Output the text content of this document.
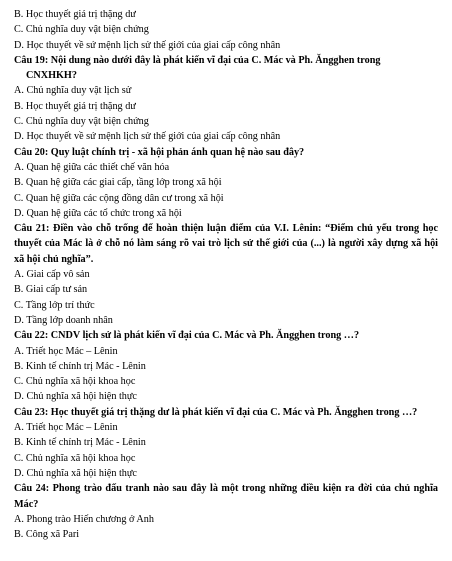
B. Học thuyết giá trị thặng dư
C. Chủ nghĩa duy vật biện chứng
D. Học thuyết về sứ mệnh lịch sử thế giới của giai cấp công nhân
Câu 19: Nội dung nào dưới đây là phát kiến vĩ đại của C. Mác và Ph. Ăngghen trong
CNXHKH?
A. Chủ nghĩa duy vật lịch sử
B. Học thuyết giá trị thặng dư
C. Chủ nghĩa duy vật biện chứng
D. Học thuyết về sứ mệnh lịch sử thế giới của giai cấp công nhân
Câu 20: Quy luật chính trị - xã hội phản ánh quan hệ nào sau đây?
A. Quan hệ giữa các thiết chế văn hóa
B. Quan hệ giữa các giai cấp, tầng lớp trong xã hội
C. Quan hệ giữa các cộng đồng dân cư trong xã hội
D. Quan hệ giữa các tổ chức trong xã hội
Câu 21: Điền vào chỗ trống để hoàn thiện luận điểm của V.I. Lênin: “Điểm chủ yếu trong học thuyết của Mác là ở chỗ nó làm sáng rõ vai trò lịch sử thế giới của (...) là người xây dựng xã hội xã hội chủ nghĩa”.
A. Giai cấp vô sản
B. Giai cấp tư sản
C. Tầng lớp trí thức
D. Tầng lớp doanh nhân
Câu 22: CNDV lịch sử là phát kiến vĩ đại của C. Mác và Ph. Ăngghen trong …?
A. Triết học Mác – Lênin
B. Kinh tế chính trị Mác - Lênin
C. Chủ nghĩa xã hội khoa học
D. Chủ nghĩa xã hội hiện thực
Câu 23: Học thuyết giá trị thặng dư là phát kiến vĩ đại của C. Mác và Ph. Ăngghen trong …?
A. Triết học Mác – Lênin
B. Kinh tế chính trị Mác - Lênin
C. Chủ nghĩa xã hội khoa học
D. Chủ nghĩa xã hội hiện thực
Câu 24: Phong trào đấu tranh nào sau đây là một trong những điều kiện ra đời của chủ nghĩa Mác?
A. Phong trào Hiến chương ở Anh
B. Công xã Pari
